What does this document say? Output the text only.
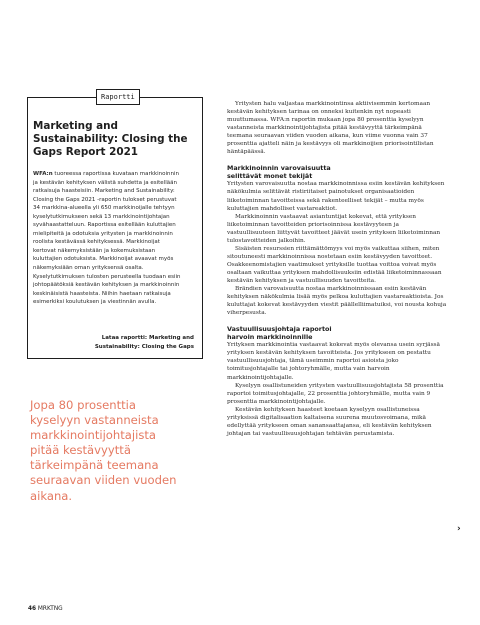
Raportti
Marketing and Sustainability: Closing the Gaps Report 2021

WFA:n tuoreessa raportissa kuvataan markkinoinnin ja kestävän kehityksen välistä suhdetta ja esitellään ratkaisuja haasteisiin. Marketing and Sustainability: Closing the Gaps 2021 -raportin tulokset perustuvat 34 markkina-alueella yli 650 markkinoijalle tehtyyn kyselytutkimukseen sekä 13 markkinointijohtajan syvähaastatteluun. Raportissa esitellään kuluttajien mielipiteitä ja odotuksia yritysten ja markkinoinnin roolista kestävässä kehityksessä. Markkinoijat kertovat näkemyksistään ja kokemuksistaan kuluttajien odotuksista. Markkinoijat avaavat myös näkemyksiään oman yrityksensä osalta. Kyselytutkimuksen tulosten perusteella tuodaan esiin johtopäätöksiä kestävän kehityksen ja markkinoinnin keskinäisistä haasteista. Niihin haetaan ratkaisuja esimerkiksi koulutuksen ja viestinnän avulla.

Lataa raportti: Marketing and
Sustainability: Closing the Gaps
Jopa 80 prosenttia
kyselyyn vastanneista
markkinointijohtajista
pitää kestävyyttä
tärkeimpänä teemana
seuraavan viiden vuoden
aikana.

Yritysten halu valjastaa markkinointinsa aktiivisemmin kertomaan kestävän kehityksen tarinaa on onneksi kuitenkin nyt nopeasti muuttumassa. WFA:n raportin mukaan jopa 80 prosenttia kyselyyn vastanneista markkinointijohtajista pitää kestävyyttä tärkeimpänä teemana seuraavan viiden vuoden aikana, kun viime vuonna vain 37 prosenttia ajatteli näin ja kestävyys oli markkinoijien priorisointilistan häntäpäässä.

Markkinoinnin varovaisuutta
selittävät monet tekijät

Yritysten varovaisuutta nostaa markkinoinnissa esiin kestävän kehityksen näkökulmia selittävät ristiriitaiset painotukset organisaatioiden liiketoiminnan tavoitteissa sekä rakenteelliset tekijät – mutta myös kuluttajien mahdolliset vastareaktiot.

Markkinoinnin vastaavat asiantuntijat kokevat, että yrityksen liiketoiminnan tavoitteiden priorisoinnissa kestävyyteen ja vastuullisuuteen liittyvät tavoitteet jäävät usein yrityksen liiketoiminnan tulostavoitteiden jalkoihin.

Sisäisten resurssien riittämättömyys voi myös vaikuttaa siihen, miten sitoutuneesti markkinoinnissa nostetaan esiin kestävyyden tavoitteet. Osakkeenomistajien vaatimukset yrityksille tuottaa voittoa voivat myös osaltaan vaikuttaa yrityksen mahdollisuuksiin edistää liiketoiminnassaan kestävän kehityksen ja vastuullisuuden tavoitteita.

Brändien varovaisuutta nostaa markkinoinnissaan esiin kestävän kehityksen näkökulmia lisää myös pelkoa kuluttajien vastareaktioista. Jos kuluttajat kokevat kestävyyden viestit päällelliimatuiksi, voi nousta kohuja viherpesusta.

Vastuullisuusjohtaja raportoi
harvoin markkinoinnille

Yrityksen markkinointia vastaavat kokevat myös olevansa usein syrjässä yrityksen kestävän kehityksen tavoitteista. Jos yritykseen on pestattu vastuullisuusjohtaja, tämä useimmin raportoi asioista joko toimitusjohtajalle tai johtoryhmälle, mutta vain harvoin markkinointijohtajalle.

Kyselyyn osallistuneiden yritysten vastuullisuusjohtajista 58 prosenttia raportoi toimitusjohtajalle, 22 prosenttia johtoryhmälle, mutta vain 9 prosenttia markkinointijohtajalle.

Kestävän kehityksen haasteet koetaan kyselyyn osallistuneissa yrityksissä digitalisaation kaltaisena suurena muutosvoimana, mikä edellyttää yritykseen oman sanansaattajansa, eli kestävän kehityksen johtajan tai vastuullisuusjohtajan tehtävän perustamista.

›
46 MRKTNG
